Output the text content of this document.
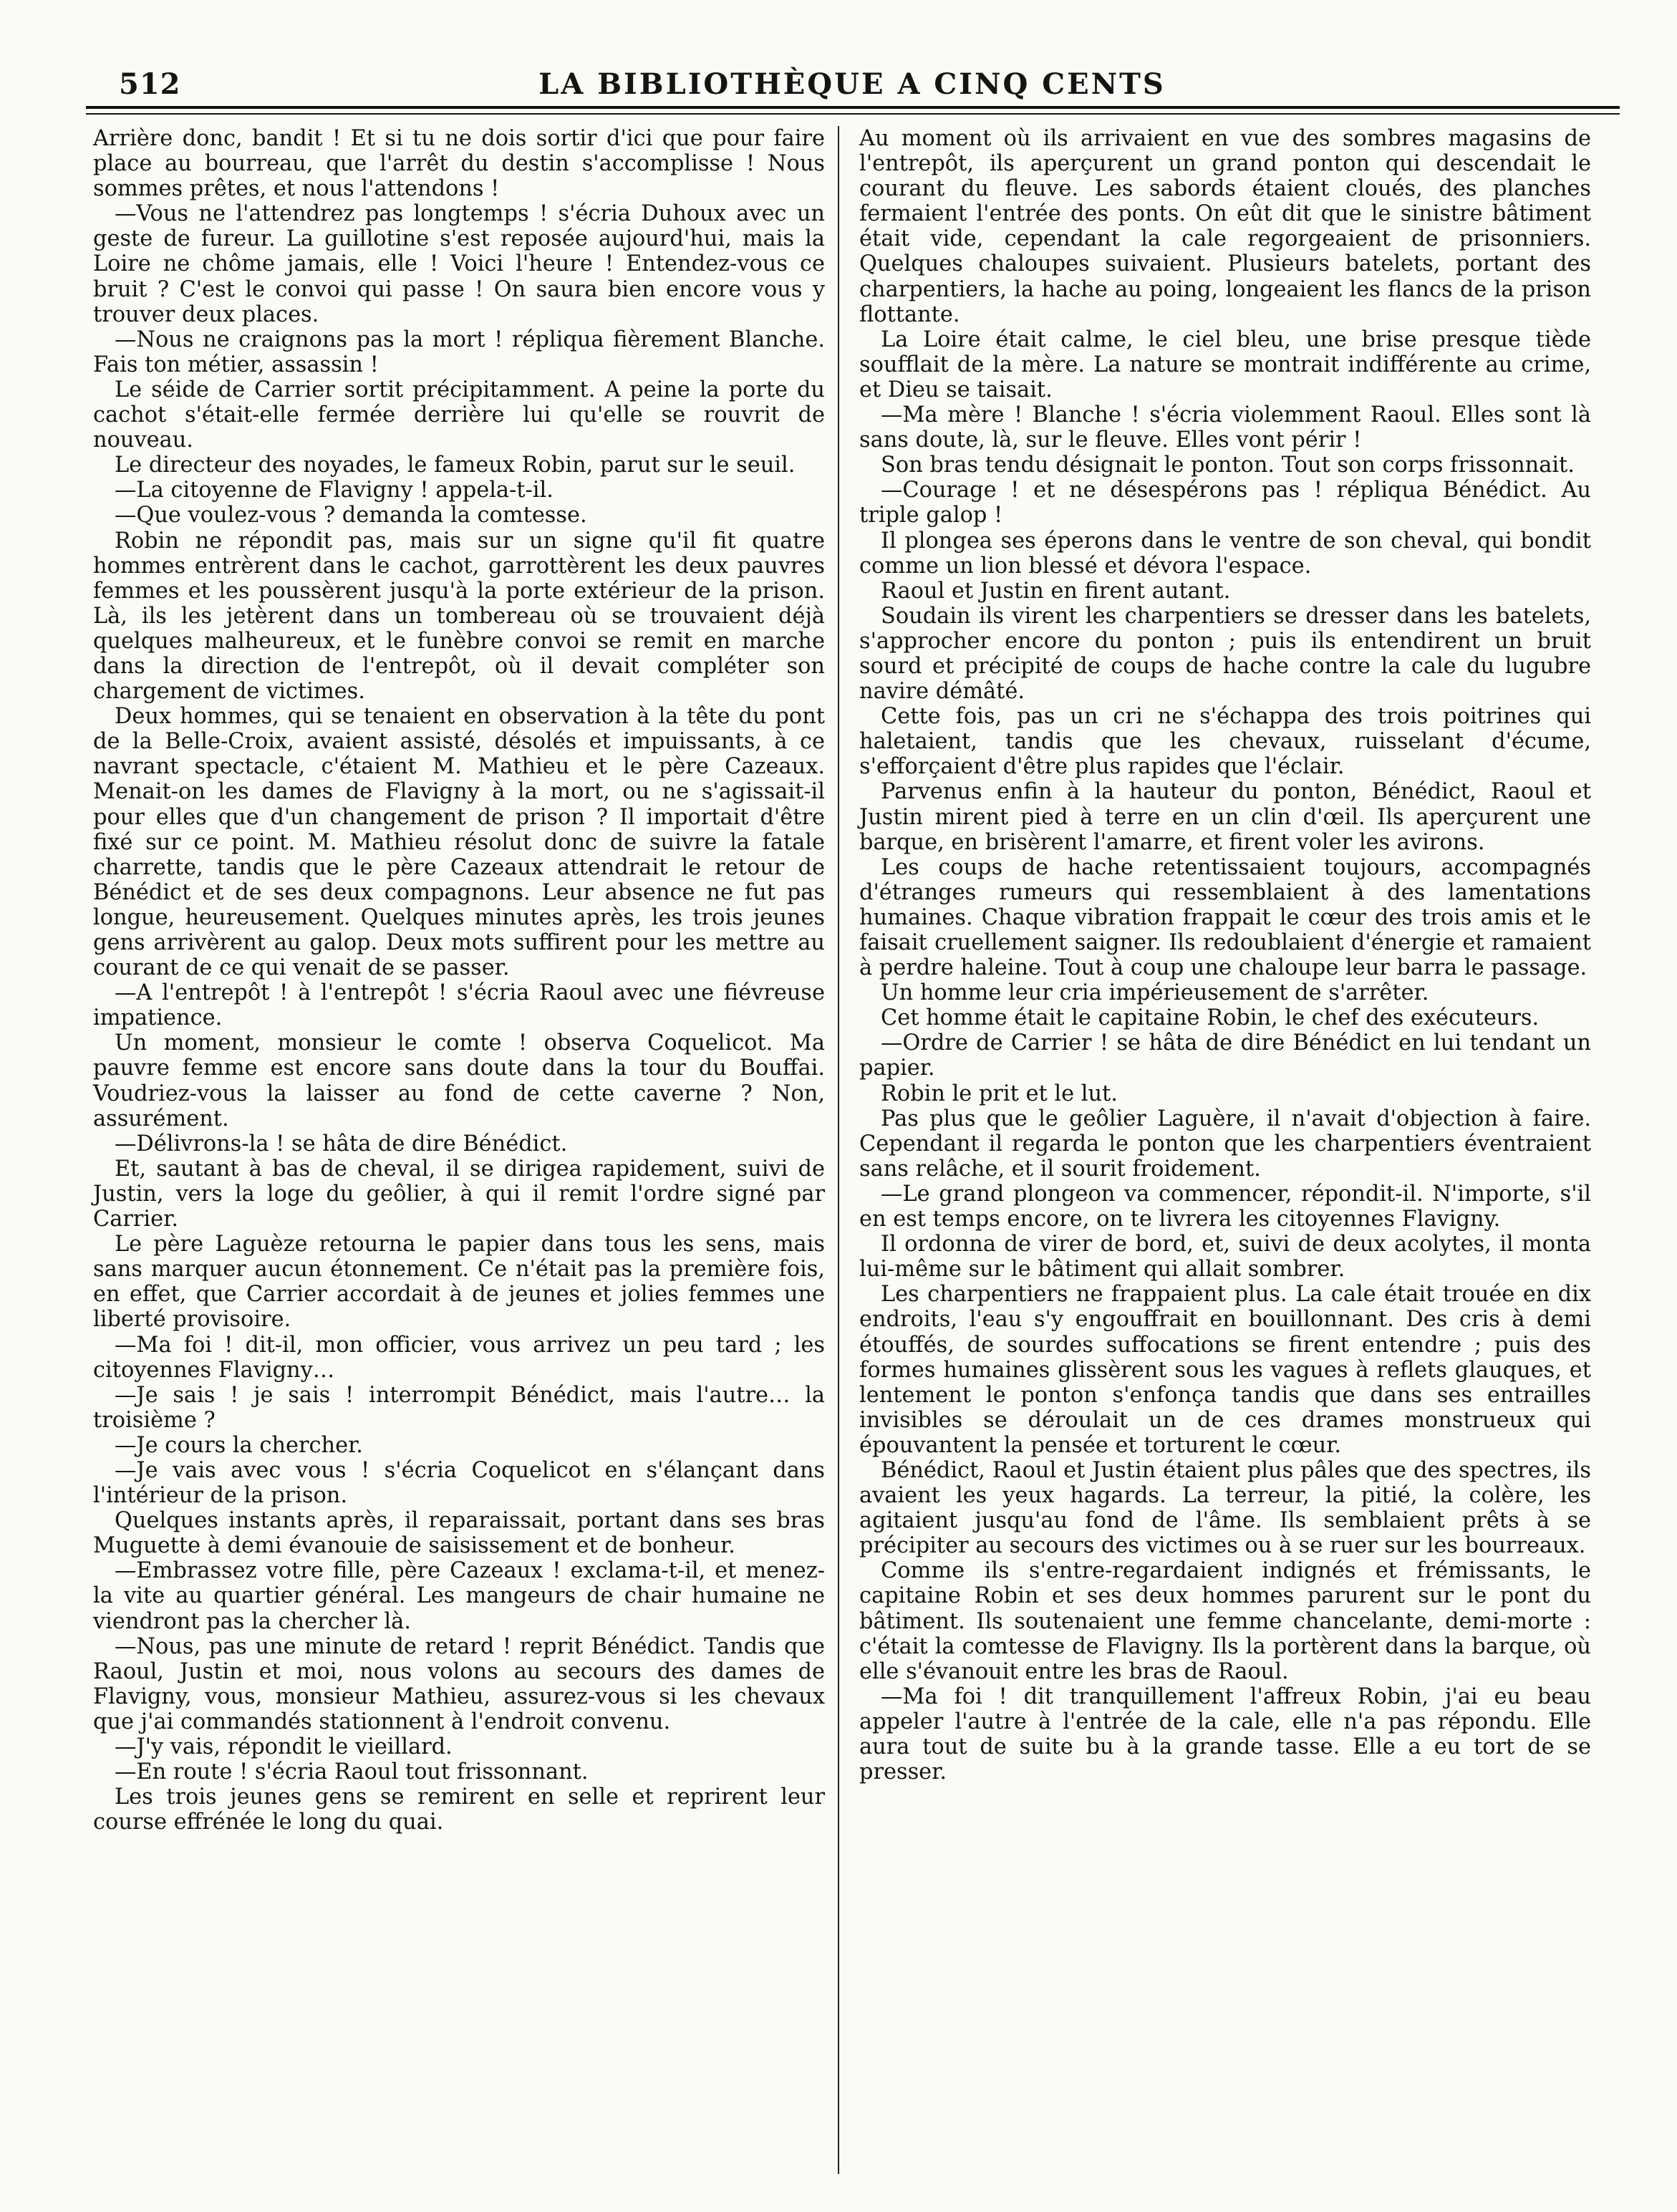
512	LA BIBLIOTHÈQUE A CINQ CENTS

Arrière donc, bandit ! Et si tu ne dois sortir d'ici que pour faire place au bourreau, que l'arrêt du destin s'accomplisse ! Nous sommes prêtes, et nous l'attendons !

—Vous ne l'attendrez pas longtemps ! s'écria Duhoux avec un geste de fureur. La guillotine s'est reposée aujourd'hui, mais la Loire ne chôme jamais, elle ! Voici l'heure ! Entendez-vous ce bruit ? C'est le convoi qui passe ! On saura bien encore vous y trouver deux places.

—Nous ne craignons pas la mort ! répliqua fièrement Blanche. Fais ton métier, assassin !

Le séide de Carrier sortit précipitamment. A peine la porte du cachot s'était-elle fermée derrière lui qu'elle se rouvrit de nouveau.

Le directeur des noyades, le fameux Robin, parut sur le seuil.

—La citoyenne de Flavigny ! appela-t-il.

—Que voulez-vous ? demanda la comtesse.

Robin ne répondit pas, mais sur un signe qu'il fit quatre hommes entrèrent dans le cachot, garrottèrent les deux pauvres femmes et les poussèrent jusqu'à la porte extérieur de la prison. Là, ils les jetèrent dans un tombereau où se trouvaient déjà quelques malheureux, et le funèbre convoi se remit en marche dans la direction de l'entrepôt, où il devait compléter son chargement de victimes.

Deux hommes, qui se tenaient en observation à la tête du pont de la Belle-Croix, avaient assisté, désolés et impuissants, à ce navrant spectacle, c'étaient M. Mathieu et le père Cazeaux. Menait-on les dames de Flavigny à la mort, ou ne s'agissait-il pour elles que d'un changement de prison ? Il importait d'être fixé sur ce point. M. Mathieu résolut donc de suivre la fatale charrette, tandis que le père Cazeaux attendrait le retour de Bénédict et de ses deux compagnons. Leur absence ne fut pas longue, heureusement. Quelques minutes après, les trois jeunes gens arrivèrent au galop. Deux mots suffirent pour les mettre au courant de ce qui venait de se passer.

—A l'entrepôt ! à l'entrepôt ! s'écria Raoul avec une fiévreuse impatience.

Un moment, monsieur le comte ! observa Coquelicot. Ma pauvre femme est encore sans doute dans la tour du Bouffai. Voudriez-vous la laisser au fond de cette caverne ? Non, assurément.

—Délivrons-la ! se hâta de dire Bénédict.

Et, sautant à bas de cheval, il se dirigea rapidement, suivi de Justin, vers la loge du geôlier, à qui il remit l'ordre signé par Carrier.

Le père Laguèze retourna le papier dans tous les sens, mais sans marquer aucun étonnement. Ce n'était pas la première fois, en effet, que Carrier accordait à de jeunes et jolies femmes une liberté provisoire.

—Ma foi ! dit-il, mon officier, vous arrivez un peu tard ; les citoyennes Flavigny…

—Je sais ! je sais ! interrompit Bénédict, mais l'autre… la troisième ?

—Je cours la chercher.

—Je vais avec vous ! s'écria Coquelicot en s'élançant dans l'intérieur de la prison.

Quelques instants après, il reparaissait, portant dans ses bras Muguette à demi évanouie de saisissement et de bonheur.

—Embrassez votre fille, père Cazeaux ! exclama-t-il, et menez-la vite au quartier général. Les mangeurs de chair humaine ne viendront pas la chercher là.

—Nous, pas une minute de retard ! reprit Bénédict. Tandis que Raoul, Justin et moi, nous volons au secours des dames de Flavigny, vous, monsieur Mathieu, assurez-vous si les chevaux que j'ai commandés stationnent à l'endroit convenu.

—J'y vais, répondit le vieillard.

—En route ! s'écria Raoul tout frissonnant.

Les trois jeunes gens se remirent en selle et reprirent leur course effrénée le long du quai.

Au moment où ils arrivaient en vue des sombres magasins de l'entrepôt, ils aperçurent un grand ponton qui descendait le courant du fleuve. Les sabords étaient cloués, des planches fermaient l'entrée des ponts. On eût dit que le sinistre bâtiment était vide, cependant la cale regorgeaient de prisonniers. Quelques chaloupes suivaient. Plusieurs batelets, portant des charpentiers, la hache au poing, longeaient les flancs de la prison flottante.

La Loire était calme, le ciel bleu, une brise presque tiède soufflait de la mère. La nature se montrait indifférente au crime, et Dieu se taisait.

—Ma mère ! Blanche ! s'écria violemment Raoul. Elles sont là sans doute, là, sur le fleuve. Elles vont périr !

Son bras tendu désignait le ponton. Tout son corps frissonnait.

—Courage ! et ne désespérons pas ! répliqua Bénédict. Au triple galop !

Il plongea ses éperons dans le ventre de son cheval, qui bondit comme un lion blessé et dévora l'espace.

Raoul et Justin en firent autant.

Soudain ils virent les charpentiers se dresser dans les batelets, s'approcher encore du ponton ; puis ils entendirent un bruit sourd et précipité de coups de hache contre la cale du lugubre navire démâté.

Cette fois, pas un cri ne s'échappa des trois poitrines qui haletaient, tandis que les chevaux, ruisselant d'écume, s'efforçaient d'être plus rapides que l'éclair.

Parvenus enfin à la hauteur du ponton, Bénédict, Raoul et Justin mirent pied à terre en un clin d'œil. Ils aperçurent une barque, en brisèrent l'amarre, et firent voler les avirons.

Les coups de hache retentissaient toujours, accompagnés d'étranges rumeurs qui ressemblaient à des lamentations humaines. Chaque vibration frappait le cœur des trois amis et le faisait cruellement saigner. Ils redoublaient d'énergie et ramaient à perdre haleine. Tout à coup une chaloupe leur barra le passage.

Un homme leur cria impérieusement de s'arrêter.

Cet homme était le capitaine Robin, le chef des exécuteurs.

—Ordre de Carrier ! se hâta de dire Bénédict en lui tendant un papier.

Robin le prit et le lut.

Pas plus que le geôlier Laguère, il n'avait d'objection à faire. Cependant il regarda le ponton que les charpentiers éventraient sans relâche, et il sourit froidement.

—Le grand plongeon va commencer, répondit-il. N'importe, s'il en est temps encore, on te livrera les citoyennes Flavigny.

Il ordonna de virer de bord, et, suivi de deux acolytes, il monta lui-même sur le bâtiment qui allait sombrer.

Les charpentiers ne frappaient plus. La cale était trouée en dix endroits, l'eau s'y engouffrait en bouillonnant. Des cris à demi étouffés, de sourdes suffocations se firent entendre ; puis des formes humaines glissèrent sous les vagues à reflets glauques, et lentement le ponton s'enfonça tandis que dans ses entrailles invisibles se déroulait un de ces drames monstrueux qui épouvantent la pensée et torturent le cœur.

Bénédict, Raoul et Justin étaient plus pâles que des spectres, ils avaient les yeux hagards. La terreur, la pitié, la colère, les agitaient jusqu'au fond de l'âme. Ils semblaient prêts à se précipiter au secours des victimes ou à se ruer sur les bourreaux.

Comme ils s'entre-regardaient indignés et frémissants, le capitaine Robin et ses deux hommes parurent sur le pont du bâtiment. Ils soutenaient une femme chancelante, demi-morte : c'était la comtesse de Flavigny. Ils la portèrent dans la barque, où elle s'évanouit entre les bras de Raoul.

—Ma foi ! dit tranquillement l'affreux Robin, j'ai eu beau appeler l'autre à l'entrée de la cale, elle n'a pas répondu. Elle aura tout de suite bu à la grande tasse. Elle a eu tort de se presser.
